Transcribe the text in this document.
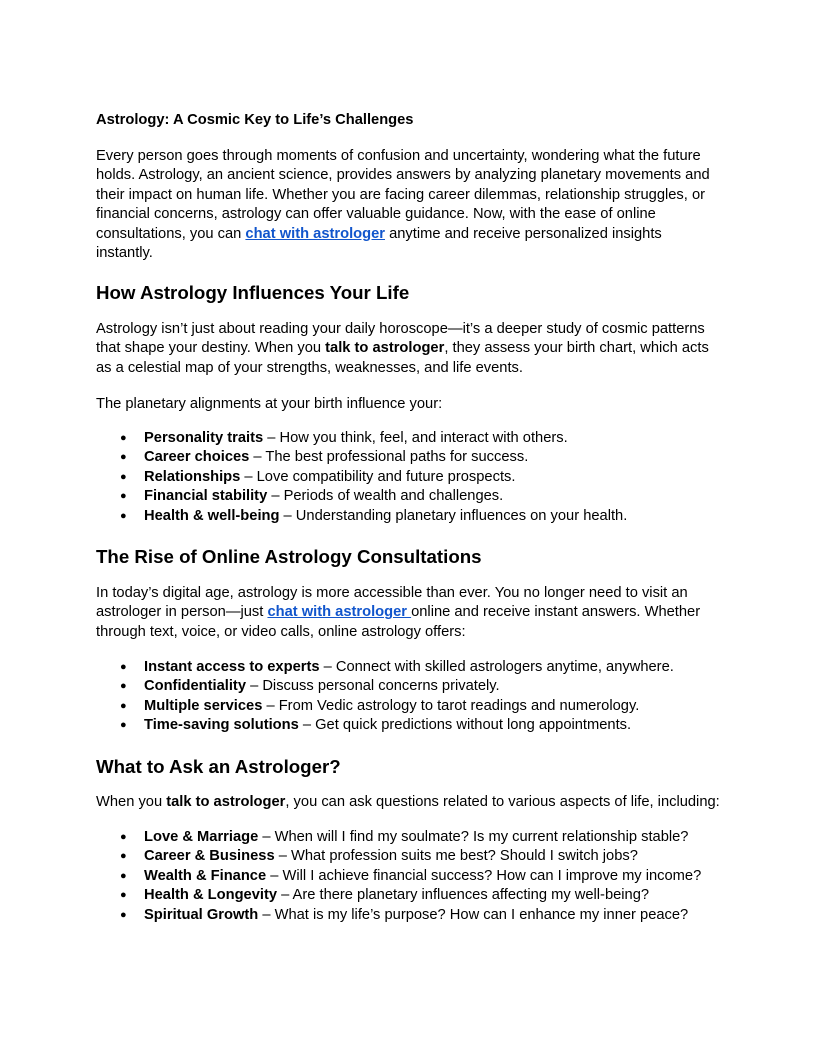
Astrology: A Cosmic Key to Life’s Challenges

Every person goes through moments of confusion and uncertainty, wondering what the future holds. Astrology, an ancient science, provides answers by analyzing planetary movements and their impact on human life. Whether you are facing career dilemmas, relationship struggles, or financial concerns, astrology can offer valuable guidance. Now, with the ease of online consultations, you can chat with astrologer anytime and receive personalized insights instantly.

How Astrology Influences Your Life

Astrology isn’t just about reading your daily horoscope—it’s a deeper study of cosmic patterns that shape your destiny. When you talk to astrologer, they assess your birth chart, which acts as a celestial map of your strengths, weaknesses, and life events.

The planetary alignments at your birth influence your:

● Personality traits – How you think, feel, and interact with others.
● Career choices – The best professional paths for success.
● Relationships – Love compatibility and future prospects.
● Financial stability – Periods of wealth and challenges.
● Health & well-being – Understanding planetary influences on your health.
The Rise of Online Astrology Consultations

In today’s digital age, astrology is more accessible than ever. You no longer need to visit an astrologer in person—just chat with astrologer online and receive instant answers. Whether through text, voice, or video calls, online astrology offers:

● Instant access to experts – Connect with skilled astrologers anytime, anywhere.
● Confidentiality – Discuss personal concerns privately.
● Multiple services – From Vedic astrology to tarot readings and numerology.
● Time-saving solutions – Get quick predictions without long appointments.
What to Ask an Astrologer?

When you talk to astrologer, you can ask questions related to various aspects of life, including:

● Love & Marriage – When will I find my soulmate? Is my current relationship stable?
● Career & Business – What profession suits me best? Should I switch jobs?
● Wealth & Finance – Will I achieve financial success? How can I improve my income?
● Health & Longevity – Are there planetary influences affecting my well-being?
● Spiritual Growth – What is my life’s purpose? How can I enhance my inner peace?
